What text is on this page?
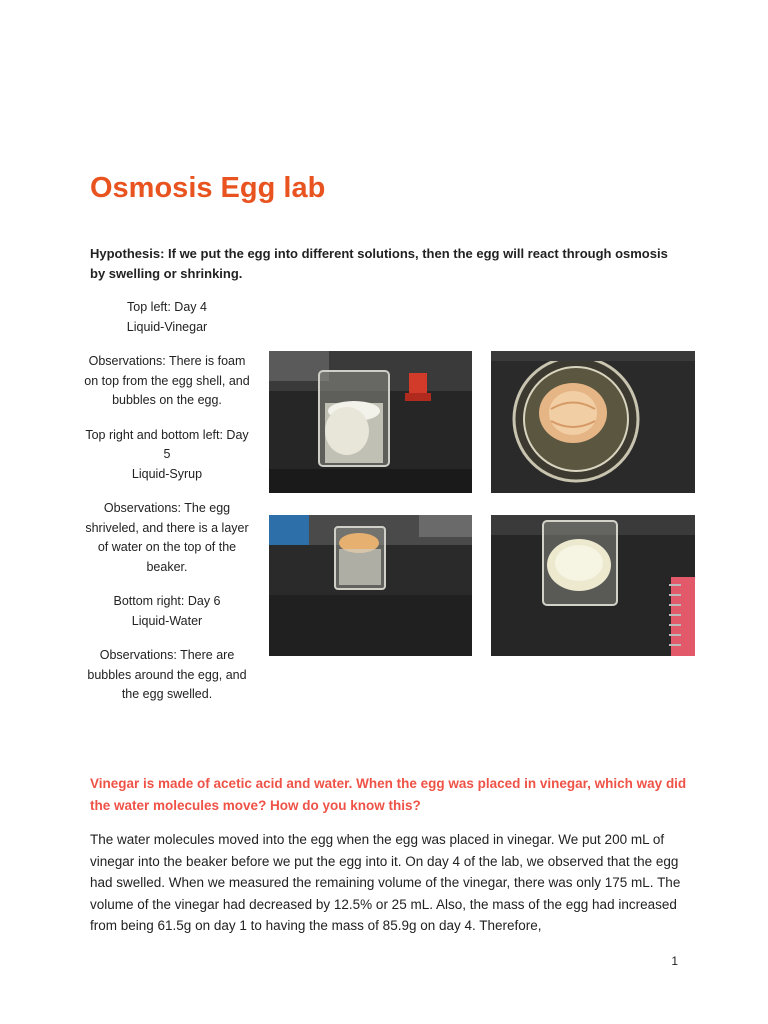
Osmosis Egg lab
Hypothesis: If we put the egg into different solutions, then the egg will react through osmosis by swelling or shrinking.

Top left: Day 4
Liquid-Vinegar

Observations: There is foam on top from the egg shell, and bubbles on the egg.

Top right and bottom left: Day 5
Liquid-Syrup

Observations: The egg shriveled, and there is a layer of water on the top of the beaker.

Bottom right: Day 6
Liquid-Water

Observations: There are bubbles around the egg, and the egg swelled.

Vinegar is made of acetic acid and water. When the egg was placed in vinegar, which way did the water molecules move? How do you know this?
The water molecules moved into the egg when the egg was placed in vinegar. We put 200 mL of vinegar into the beaker before we put the egg into it. On day 4 of the lab, we observed that the egg had swelled. When we measured the remaining volume of the vinegar, there was only 175 mL. The volume of the vinegar had decreased by 12.5% or 25 mL. Also, the mass of the egg had increased from being 61.5g on day 1 to having the mass of 85.9g on day 4. Therefore,
1
